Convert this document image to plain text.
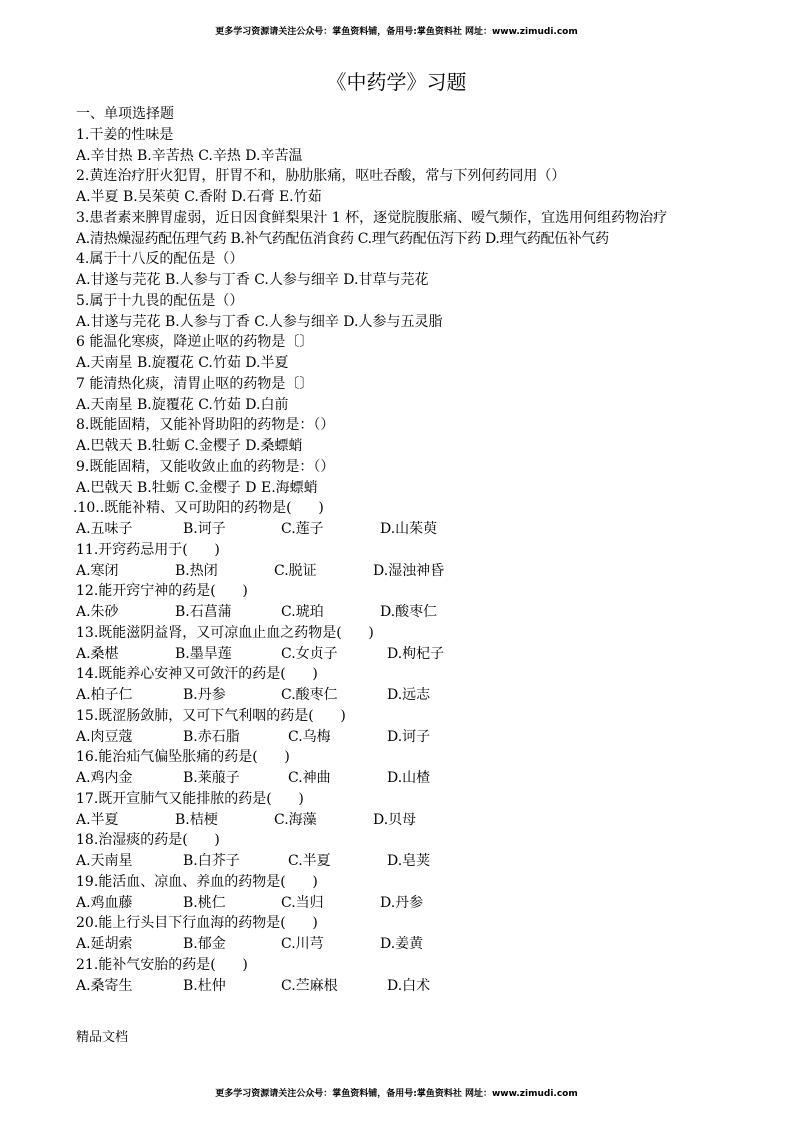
更多学习资源请关注公众号：掌鱼资料铺，备用号:掌鱼资料社 网址：www.zimudi.com
《中药学》习题
一、单项选择题
1.干姜的性味是
A.辛甘热 B.辛苦热 C.辛热 D.辛苦温
2.黄连治疗肝火犯胃，肝胃不和，胁肋胀痛，呕吐吞酸，常与下列何药同用（）
A.半夏 B.吴茱萸 C.香附 D.石膏 E.竹茹
3.患者素来脾胃虚弱，近日因食鲜梨果汁 1 杯，逐觉脘腹胀痛、嗳气频作，宜选用何组药物治疗
A.清热燥湿药配伍理气药 B.补气药配伍消食药 C.理气药配伍泻下药 D.理气药配伍补气药
4.属于十八反的配伍是（）
A.甘遂与芫花 B.人参与丁香 C.人参与细辛 D.甘草与芫花
5.属于十九畏的配伍是（）
A.甘遂与芫花 B.人参与丁香 C.人参与细辛 D.人参与五灵脂
6 能温化寒痰，降逆止呕的药物是〔〕
A.天南星 B.旋覆花 C.竹茹 D.半夏
7 能清热化痰，清胃止呕的药物是〔〕
A.天南星 B.旋覆花 C.竹茹 D.白前
8.既能固精，又能补肾助阳的药物是：（）
A.巴戟天 B.牡蛎 C.金樱子 D.桑螵蛸
9.既能固精，又能收敛止血的药物是：（）
A.巴戟天 B.牡蛎 C.金樱子 D E.海螵蛸
.10..既能补精、又可助阳的药物是(      )
A.五味子	B.诃子	C.莲子	D.山茱萸
11.开窍药忌用于(      )
A.寒闭	B.热闭	C.脱证	D.湿浊神昏
12.能开窍宁神的药是(      )
A.朱砂	B.石菖蒲	C.琥珀	D.酸枣仁
13.既能滋阴益肾，又可凉血止血之药物是(      )
A.桑椹	B.墨旱莲	C.女贞子	D.枸杞子
14.既能养心安神又可敛汗的药是(      )
A.柏子仁	B.丹参	C.酸枣仁	D.远志
15.既涩肠敛肺，又可下气利咽的药是(      )
A.肉豆蔻	B.赤石脂	C.乌梅	D.诃子
16.能治疝气偏坠胀痛的药是(      )
A.鸡内金	B.莱菔子	C.神曲	D.山楂
17.既开宣肺气又能排脓的药是(      )
A.半夏	B.桔梗	C.海藻	D.贝母
18.治湿痰的药是(      )
A.天南星	B.白芥子	C.半夏	D.皂荚
19.能活血、凉血、养血的药物是(      )
A.鸡血藤	B.桃仁	C.当归	D.丹参
20.能上行头目下行血海的药物是(      )
A.延胡索	B.郁金	C.川芎	D.姜黄
21.能补气安胎的药是(      )
A.桑寄生	B.杜仲	C.苎麻根	D.白术
精品文档
更多学习资源请关注公众号：掌鱼资料铺，备用号:掌鱼资料社 网址：www.zimudi.com
